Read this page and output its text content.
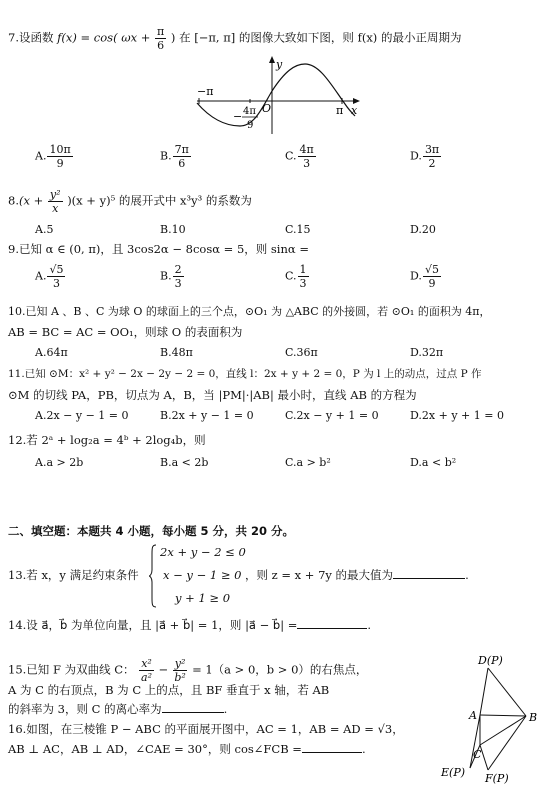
7.设函数 f(x) = cos( $\omega x + \frac{\pi}{6}$ ) 在 [−π, π] 的图像大致如下图，则 f(x) 的最小正周期为
y
−π
O	π x
4π
9
−
A. $\frac{10\pi}{9}$	B. $\frac{7\pi}{6}$	C. $\frac{4\pi}{3}$	D. $\frac{3\pi}{2}$
$8.(x + \frac{\text{y²}}{x} )(x + y)^5$ 的展开式中 x³y³ 的系数为
A.5	B.10	C.15	D.20
9.已知 α ∈ (0, π)，且 3cos2α − 8cosα = 5，则 sinα =
A. $\frac{√5}{3}$	B. $\frac{2}{3}$	C. $\frac{1}{3}$	D. $\frac{√5}{9}$
10.已知 A 、B 、C 为球 O 的球面上的三个点，⊙O₁ 为 △ABC 的外接圆，若 ⊙O₁ 的面积为 4π，
AB = BC = AC = OO₁，则球 O 的表面积为
A.64π	B.48π	C.36π	D.32π
11.已知 ⊙M：x² + y² − 2x − 2y − 2 = 0，直线 l：2x + y + 2 = 0，P 为 l 上的动点，过点 P 作
⊙M 的切线 PA，PB，切点为 A，B，当 |PM|·|AB| 最小时，直线 AB 的方程为
A.2x − y − 1 = 0	B.2x + y − 1 = 0	C.2x − y + 1 = 0	D.2x + y + 1 = 0
12.若 2ᵃ + log₂a = 4ᵇ + 2log₄b，则
A.a > 2b	B.a < 2b	C.a > b²	D.a < b²
二、填空题：本题共 4 小题，每小题 5 分，共 20 分。
13.若 x，y 满足约束条件
2x + y − 2 ≤ 0
x − y − 1 ≥ 0
y + 1 ≥ 0
，则 z = x + 7y 的最大值为	.
14.设 a⃗，b⃗ 为单位向量，且 |a⃗ + b⃗| = 1，则 |a⃗ − b⃗| =	.
15.已知 F 为双曲线 C： $\frac{\text{x²}}{\text{a²}} - \frac{\text{y²}}{\text{b²}} = 1(a > 0$，b > 0）的右焦点，
A 为 C 的右顶点，B 为 C 上的点，且 BF 垂直于 x 轴，若 AB
的斜率为 3，则 C 的离心率为	.
16.如图，在三棱锥 P − ABC 的平面展开图中，AC = 1，AB = AD = √3，
AB ⊥ AC，AB ⊥ AD，∠CAE = 30°，则 cos∠FCB =	.
D(P)
A	B
C
E(P) F(P)
